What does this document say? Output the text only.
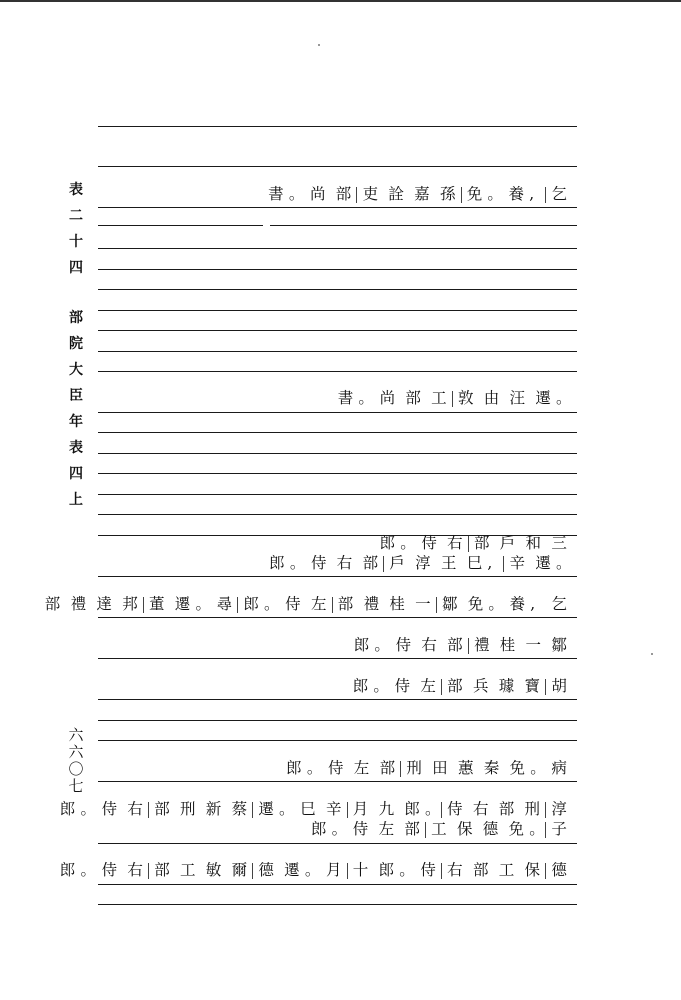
表
二
十
四
部
院
大
臣
年
表
四
上
六
六
〇
七
書 。 尚 部 吏 詮 嘉 孫 免 。 養 , 乞
書 。 尚 部 工 敦 由 汪 遷 。
郎 。 侍 右 部 戶 和 三
郎 。 侍 右 部 戶 淳 王 巳 , 辛 遷 。
部 禮 達 邦 董 遷 。 尋 郎 。 侍 左 部 禮 桂 一 鄒 免 。 養 , 乞
郎 。 侍 右 部 禮 桂 一 鄒
郎 。 侍 左 部 兵 璩 寶 胡
郎 。 侍 左 部 刑 田 蕙 秦 免 。 病
郎 。 侍 右 部 刑 新 蔡 遷 。 巳 辛 月 九 郎 。 侍 右 部 刑 淳
郎 。 侍 左 部 工 保 德 免 。 子
郎 。 侍 右 部 工 敏 爾 德 遷 。 月 十 郎 。 侍 右 部 工 保 德
